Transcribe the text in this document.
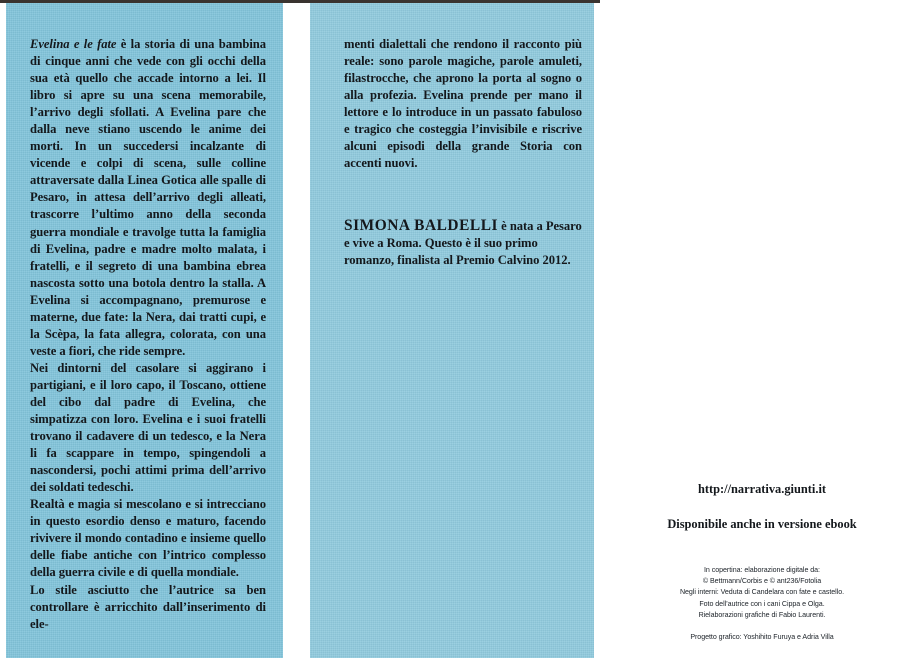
Evelina e le fate è la storia di una bambina di cinque anni che vede con gli occhi della sua età quello che accade intorno a lei. Il libro si apre su una scena memorabile, l’arrivo degli sfollati. A Evelina pare che dalla neve stiano uscendo le anime dei morti. In un succedersi incalzante di vicende e colpi di scena, sulle colline attraversate dalla Linea Gotica alle spalle di Pesaro, in attesa dell’arrivo degli alleati, trascorre l’ultimo anno della seconda guerra mondiale e travolge tutta la famiglia di Evelina, padre e madre molto malata, i fratelli, e il segreto di una bambina ebrea nascosta sotto una botola dentro la stalla. A Evelina si accompagnano, premurose e materne, due fate: la Nera, dai tratti cupi, e la Scèpa, la fata allegra, colorata, con una veste a fiori, che ride sempre.

Nei dintorni del casolare si aggirano i partigiani, e il loro capo, il Toscano, ottiene del cibo dal padre di Evelina, che simpatizza con loro. Evelina e i suoi fratelli trovano il cadavere di un tedesco, e la Nera li fa scappare in tempo, spingendoli a nascondersi, pochi attimi prima dell’arrivo dei soldati tedeschi.

Realtà e magia si mescolano e si intrecciano in questo esordio denso e maturo, facendo rivivere il mondo contadino e insieme quello delle fiabe antiche con l’intrico complesso della guerra civile e di quella mondiale.

Lo stile asciutto che l’autrice sa ben controllare è arricchito dall’inserimento di ele-

menti dialettali che rendono il racconto più reale: sono parole magiche, parole amuleti, filastrocche, che aprono la porta al sogno o alla profezia. Evelina prende per mano il lettore e lo introduce in un passato fabuloso e tragico che costeggia l’invisibile e riscrive alcuni episodi della grande Storia con accenti nuovi.

SIMONA BALDELLI è nata a Pesaro e vive a Roma. Questo è il suo primo romanzo, finalista al Premio Calvino 2012.
http://narrativa.giunti.it
Disponibile anche in versione ebook
In copertina: elaborazione digitale da:
© Bettmann/Corbis e © ant236/Fotolia
Negli interni: Veduta di Candelara con fate e castello.
Foto dell’autrice con i cani Cippa e Olga.
Rielaborazioni grafiche di Fabio Laurenti.
Progetto grafico: Yoshihito Furuya e Adria Villa
